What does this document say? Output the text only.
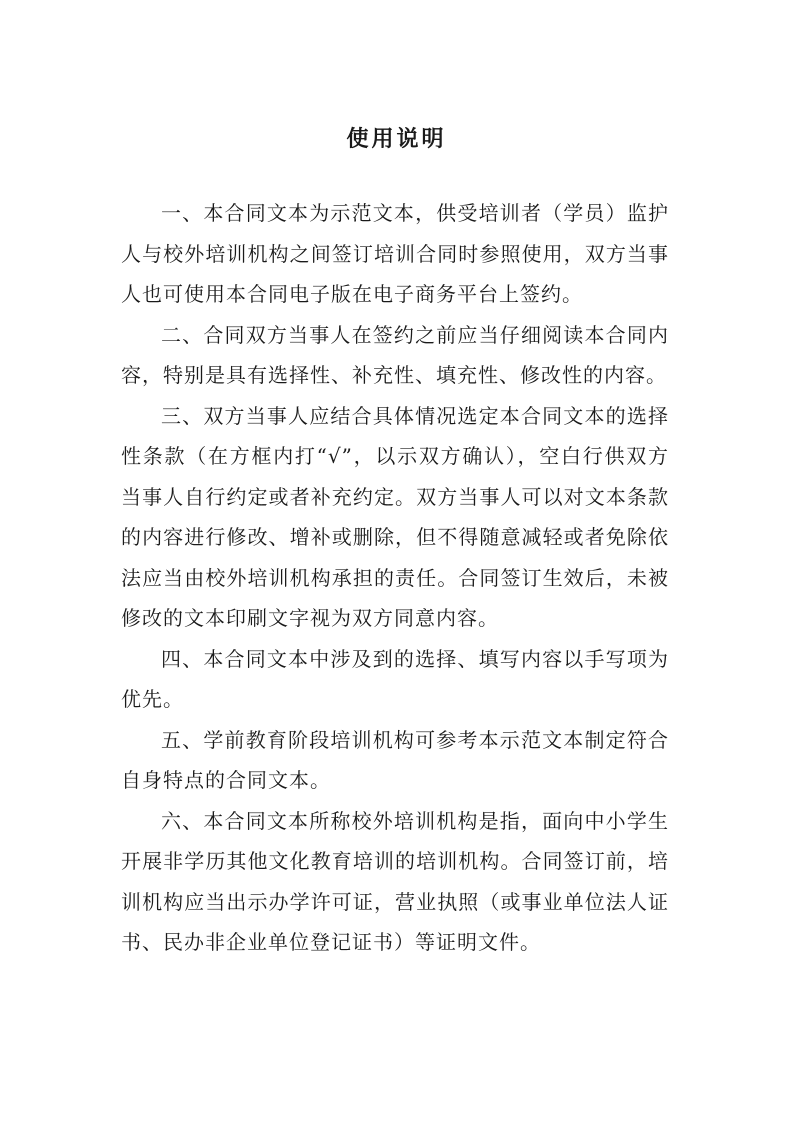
使用说明

一、本合同文本为示范文本，供受培训者（学员）监护人与校外培训机构之间签订培训合同时参照使用，双方当事人也可使用本合同电子版在电子商务平台上签约。

二、合同双方当事人在签约之前应当仔细阅读本合同内容，特别是具有选择性、补充性、填充性、修改性的内容。

三、双方当事人应结合具体情况选定本合同文本的选择性条款（在方框内打“√”，以示双方确认），空白行供双方当事人自行约定或者补充约定。双方当事人可以对文本条款的内容进行修改、增补或删除，但不得随意减轻或者免除依法应当由校外培训机构承担的责任。合同签订生效后，未被修改的文本印刷文字视为双方同意内容。

四、本合同文本中涉及到的选择、填写内容以手写项为优先。

五、学前教育阶段培训机构可参考本示范文本制定符合自身特点的合同文本。

六、本合同文本所称校外培训机构是指，面向中小学生开展非学历其他文化教育培训的培训机构。合同签订前，培训机构应当出示办学许可证，营业执照（或事业单位法人证书、民办非企业单位登记证书）等证明文件。
